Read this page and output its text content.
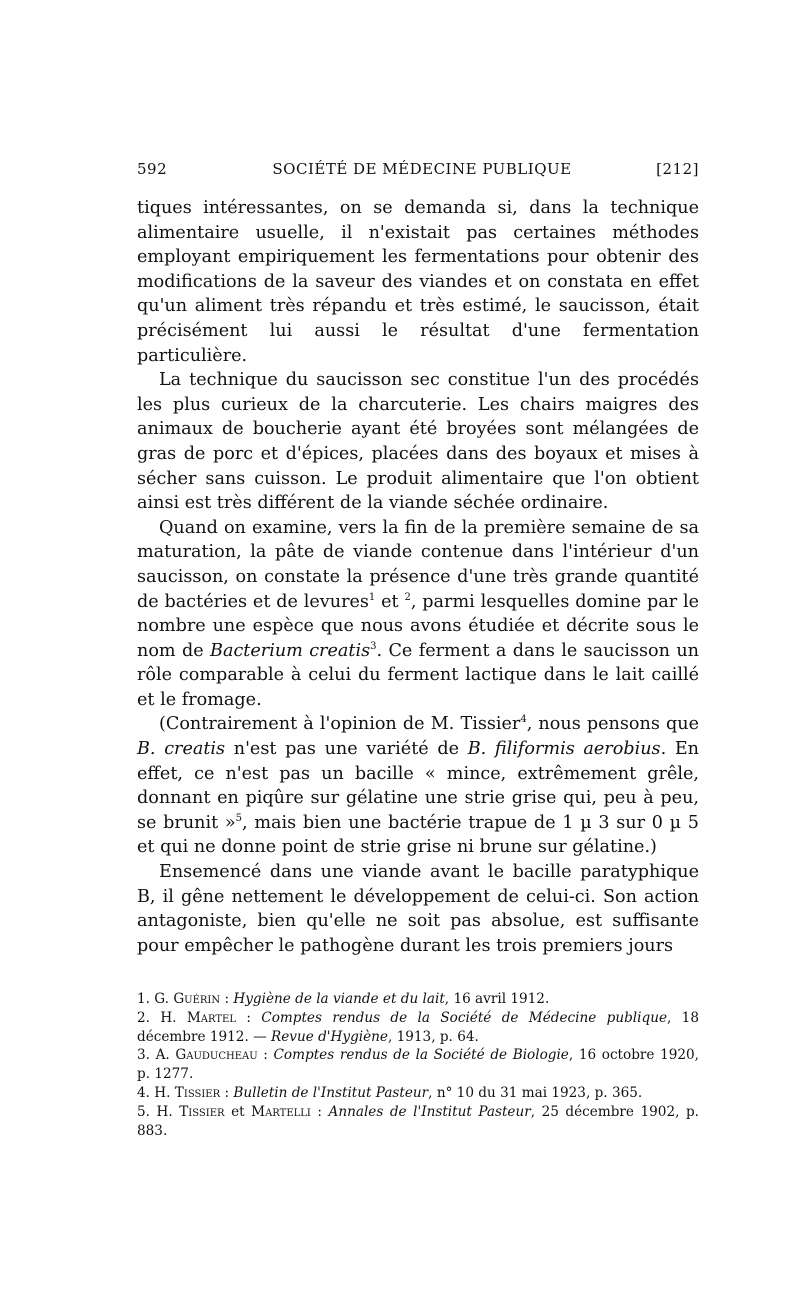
592	SOCIÉTÉ DE MÉDECINE PUBLIQUE	[212]

tiques intéressantes, on se demanda si, dans la technique alimentaire usuelle, il n'existait pas certaines méthodes employant empiriquement les fermentations pour obtenir des modifications de la saveur des viandes et on constata en effet qu'un aliment très répandu et très estimé, le saucisson, était précisément lui aussi le résultat d'une fermentation particulière.

La technique du saucisson sec constitue l'un des procédés les plus curieux de la charcuterie. Les chairs maigres des animaux de boucherie ayant été broyées sont mélangées de gras de porc et d'épices, placées dans des boyaux et mises à sécher sans cuisson. Le produit alimentaire que l'on obtient ainsi est très différent de la viande séchée ordinaire.

Quand on examine, vers la fin de la première semaine de sa maturation, la pâte de viande contenue dans l'intérieur d'un saucisson, on constate la présence d'une très grande quantité de bactéries et de levures$^1$ et $^2$, parmi lesquelles domine par le nombre une espèce que nous avons étudiée et décrite sous le nom de Bacterium creatis$^3$. Ce ferment a dans le saucisson un rôle comparable à celui du ferment lactique dans le lait caillé et le fromage.

(Contrairement à l'opinion de M. Tissier$^4$, nous pensons que B. creatis n'est pas une variété de B. filiformis aerobius. En effet, ce n'est pas un bacille « mince, extrêmement grêle, donnant en piqûre sur gélatine une strie grise qui, peu à peu, se brunit »$^5$, mais bien une bactérie trapue de 1 µ 3 sur 0 µ 5 et qui ne donne point de strie grise ni brune sur gélatine.)

Ensemencé dans une viande avant le bacille paratyphique B, il gêne nettement le développement de celui-ci. Son action antagoniste, bien qu'elle ne soit pas absolue, est suffisante pour empêcher le pathogène durant les trois premiers jours

1. G. Guérin : Hygiène de la viande et du lait, 16 avril 1912.

2. H. Martel : Comptes rendus de la Société de Médecine publique, 18 décembre 1912. — Revue d'Hygiène, 1913, p. 64.

3. A. Gauducheau : Comptes rendus de la Société de Biologie, 16 octobre 1920, p. 1277.

4. H. Tissier : Bulletin de l'Institut Pasteur, n° 10 du 31 mai 1923, p. 365.

5. H. Tissier et Martelli : Annales de l'Institut Pasteur, 25 décembre 1902, p. 883.
